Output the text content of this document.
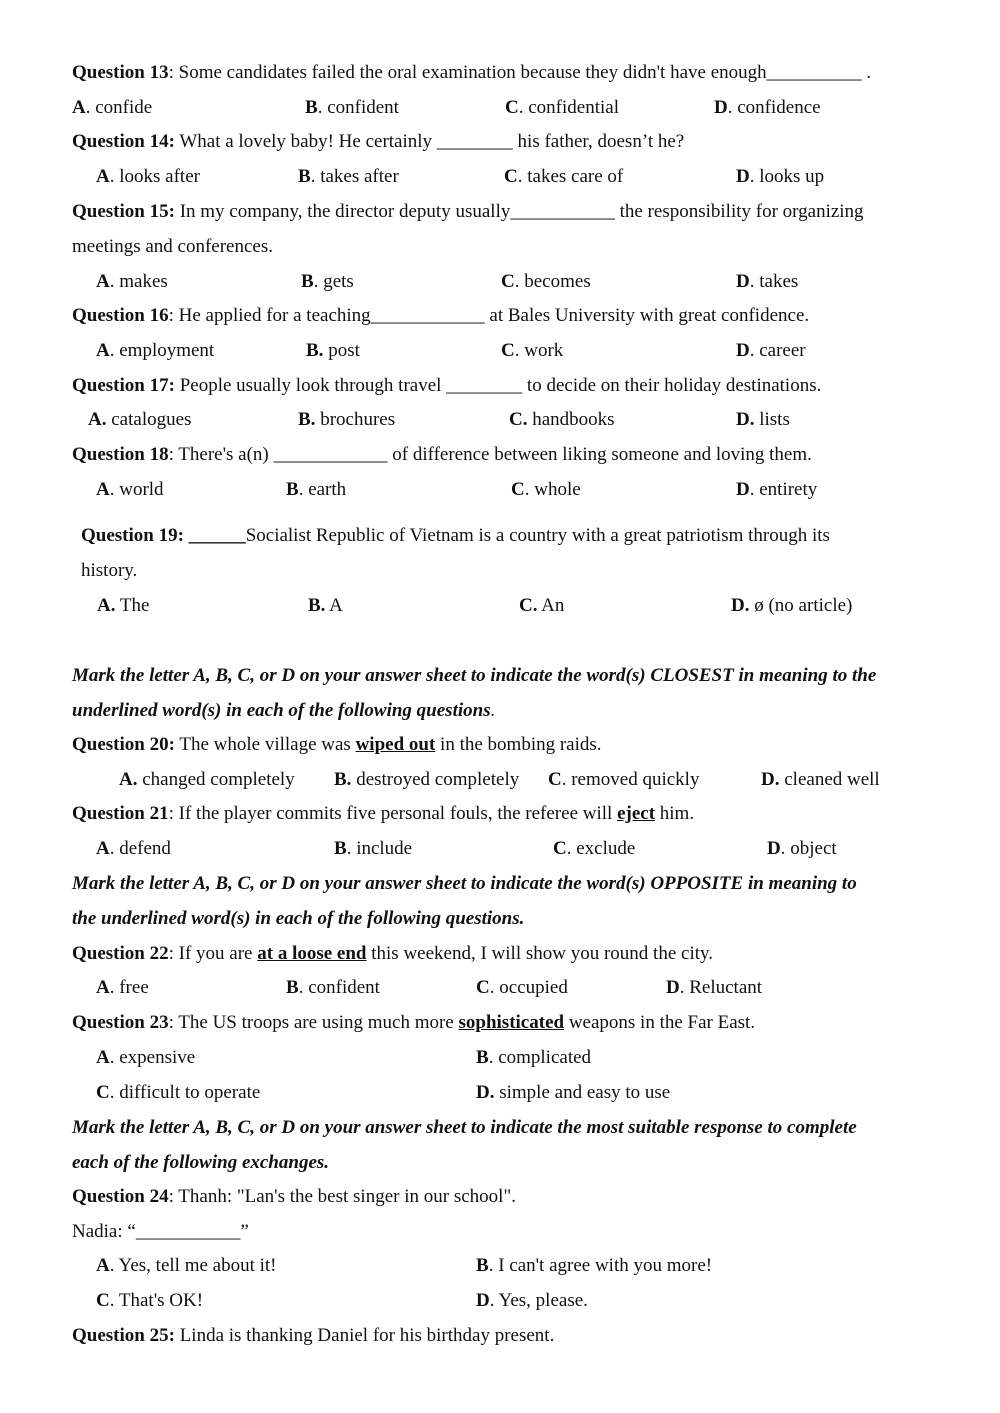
Question 13: Some candidates failed the oral examination because they didn't have enough__________ .
A. confide	B. confident	C. confidential	D. confidence
Question 14: What a lovely baby! He certainly ________ his father, doesn’t he?
A. looks after	B. takes after	C. takes care of	D. looks up
Question 15: In my company, the director deputy usually___________ the responsibility for organizing
meetings and conferences.
A. makes	B. gets	C. becomes	D. takes
Question 16: He applied for a teaching____________ at Bales University with great confidence.
A. employment	B. post	C. work	D. career
Question 17: People usually look through travel ________ to decide on their holiday destinations.
A. catalogues	B. brochures	C. handbooks	D. lists
Question 18: There's a(n) ____________ of difference between liking someone and loving them.
A. world	B. earth	C. whole	D. entirety
Question 19: ______Socialist Republic of Vietnam is a country with a great patriotism through its
history.
A. The	B. A	C. An	D. ø (no article)
Mark the letter A, B, C, or D on your answer sheet to indicate the word(s) CLOSEST in meaning to the
underlined word(s) in each of the following questions.
Question 20: The whole village was wiped out in the bombing raids.
A. changed completely B. destroyed completely C. removed quickly	D. cleaned well
Question 21: If the player commits five personal fouls, the referee will eject him.
A. defend	B. include	C. exclude	D. object
Mark the letter A, B, C, or D on your answer sheet to indicate the word(s) OPPOSITE in meaning to
the underlined word(s) in each of the following questions.
Question 22: If you are at a loose end this weekend, I will show you round the city.
A. free	B. confident	C. occupied	D. Reluctant
Question 23: The US troops are using much more sophisticated weapons in the Far East.
A. expensive	B. complicated
C. difficult to operate	D. simple and easy to use
Mark the letter A, B, C, or D on your answer sheet to indicate the most suitable response to complete
each of the following exchanges.
Question 24: Thanh: "Lan's the best singer in our school".
Nadia: “___________”
A. Yes, tell me about it!	B. I can't agree with you more!
C. That's OK!	D. Yes, please.
Question 25: Linda is thanking Daniel for his birthday present.
